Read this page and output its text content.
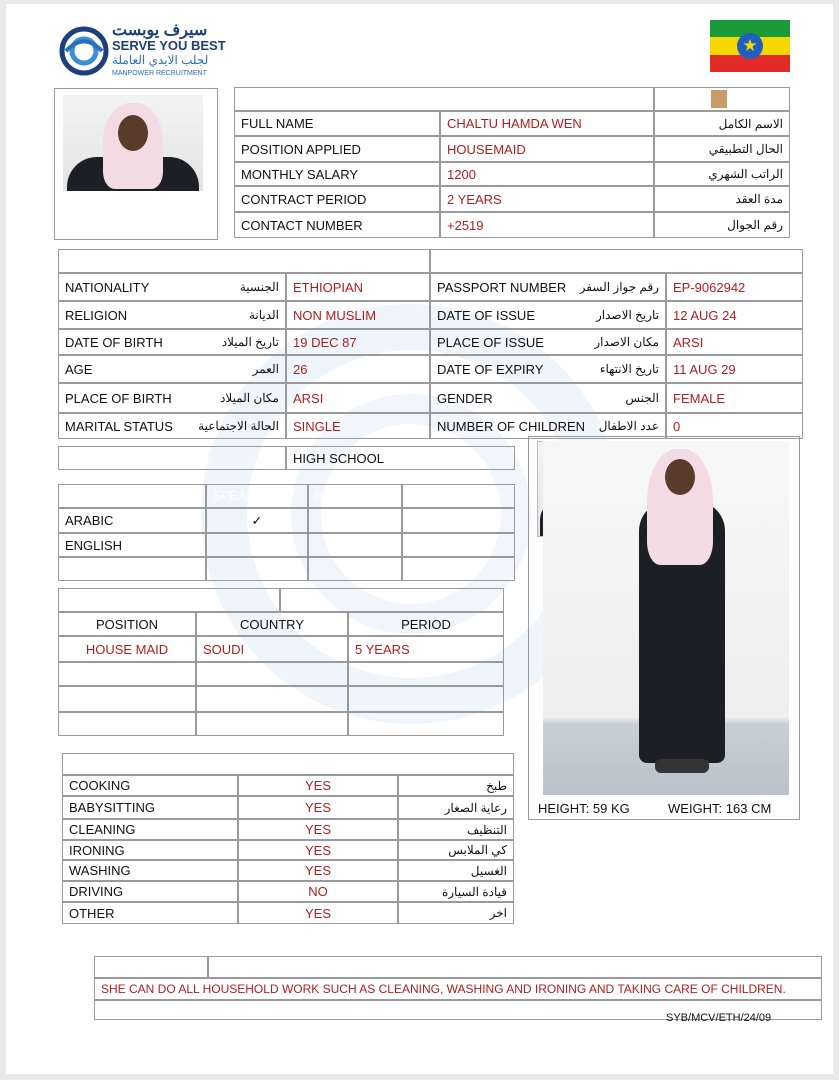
سيرف يوبست
SERVE YOU BEST
لجلب الايدي العاملة
MANPOWER RECRUITMENT
★
EMPLOYMENT DETAILS	REF:
FULL NAME	CHALTU HAMDA WEN	الاسم الكامل
POSITION APPLIED	HOUSEMAID	الحال التطبيقي
MONTHLY SALARY	1200	الراتب الشهري
CONTRACT PERIOD	2 YEARS	مدة العقد
CONTACT NUMBER	+2519	رقم الجوال
OTHER DETAILS OF APPLICANT
NATIONALITY	الجنسية	ETHIOPIAN	PASSPORT NUMBER رقم جواز السفر	EP-9062942
RELIGION	الديانة	NON MUSLIM	DATE OF ISSUE	تاريخ الاصدار	12 AUG 24
DATE OF BIRTH	تاريخ الميلاد	19 DEC 87	PLACE OF ISSUE	مكان الاصدار	ARSI
AGE	العمر	26	DATE OF EXPIRY	تاريخ الانتهاء	11 AUG 29
PLACE OF BIRTH	مكان الميلاد	ARSI	GENDER	الجنس	FEMALE
MARITAL STATUS الحالة الاجتماعية	SINGLE	NUMBER OF CHILDREN عدد الاطفال	0
EDUCATION LEVEL	HIGH SCHOOL
LANGUAGE LITERACY	SPEAK	READ	WRITE
ARABIC	✓
ENGLISH
WORK EXPERIENCE
POSITION	COUNTRY	PERIOD
HOUSE MAID	SOUDI	5 YEARS
HEIGHT: 59 KG	WEIGHT: 163 CM
SKILLS	المهارات
COOKING	YES	طبخ
BABYSITTING	YES	رعاية الصغار
CLEANING	YES	التنظيف
IRONING	YES	كي الملابس
WASHING	YES	الغسيل
DRIVING	NO	قيادة السيارة
OTHER	YES	اخر
REMARKS
SHE CAN DO ALL HOUSEHOLD WORK SUCH AS CLEANING, WASHING AND IRONING AND TAKING CARE OF CHILDREN.
SYB/MCV/ETH/24/09
